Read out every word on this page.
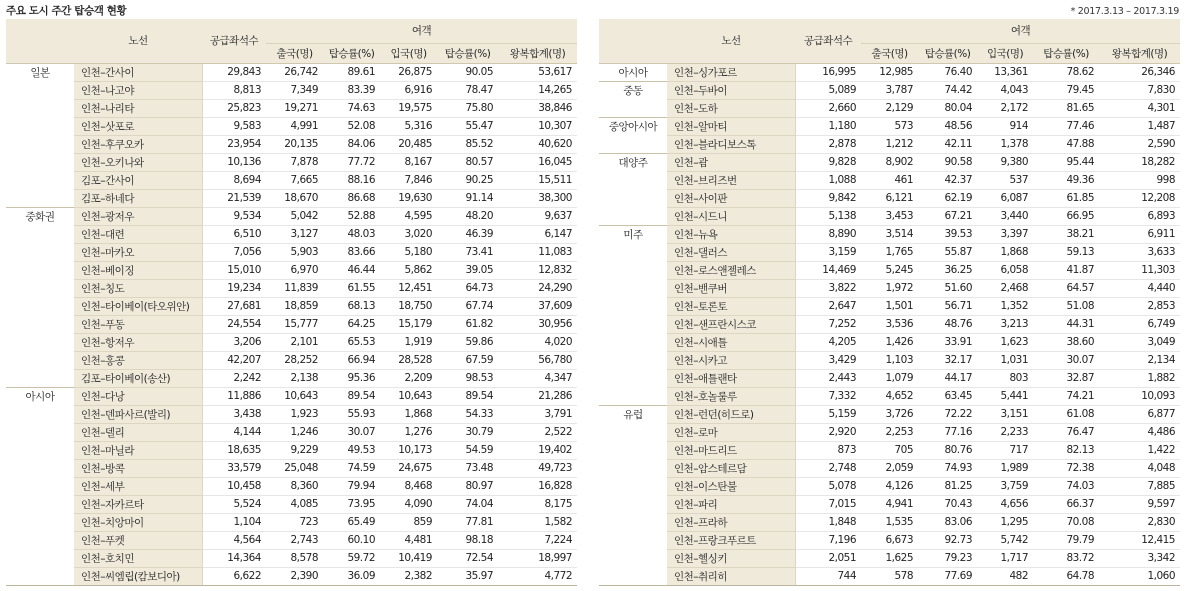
주요 도시 주간 탑승객 현황	* 2017.3.13 – 2017.3.19
	노선	공급좌석수	여객				
			출국(명)	탑승률(%)	입국(명)	탑승률(%)	왕복합계(명)
일본	인천–간사이	29,843	26,742	89.61	26,875	90.05	53,617
	인천–나고야	8,813	7,349	83.39	6,916	78.47	14,265
	인천–나리타	25,823	19,271	74.63	19,575	75.80	38,846
	인천–삿포로	9,583	4,991	52.08	5,316	55.47	10,307
	인천–후쿠오카	23,954	20,135	84.06	20,485	85.52	40,620
	인천–오키나와	10,136	7,878	77.72	8,167	80.57	16,045
	김포–간사이	8,694	7,665	88.16	7,846	90.25	15,511
	김포–하네다	21,539	18,670	86.68	19,630	91.14	38,300
중화권	인천–광저우	9,534	5,042	52.88	4,595	48.20	9,637
	인천–대련	6,510	3,127	48.03	3,020	46.39	6,147
	인천–마카오	7,056	5,903	83.66	5,180	73.41	11,083
	인천–베이징	15,010	6,970	46.44	5,862	39.05	12,832
	인천–칭도	19,234	11,839	61.55	12,451	64.73	24,290
	인천–타이베이(타오위안)	27,681	18,859	68.13	18,750	67.74	37,609
	인천–푸동	24,554	15,777	64.25	15,179	61.82	30,956
	인천–항저우	3,206	2,101	65.53	1,919	59.86	4,020
	인천–홍콩	42,207	28,252	66.94	28,528	67.59	56,780
	김포–타이베이(송산)	2,242	2,138	95.36	2,209	98.53	4,347
아시아	인천–다낭	11,886	10,643	89.54	10,643	89.54	21,286
	인천–덴파사르(발리)	3,438	1,923	55.93	1,868	54.33	3,791
	인천–델리	4,144	1,246	30.07	1,276	30.79	2,522
	인천–마닐라	18,635	9,229	49.53	10,173	54.59	19,402
	인천–방콕	33,579	25,048	74.59	24,675	73.48	49,723
	인천–세부	10,458	8,360	79.94	8,468	80.97	16,828
	인천–자카르타	5,524	4,085	73.95	4,090	74.04	8,175
	인천–치앙마이	1,104	723	65.49	859	77.81	1,582
	인천–푸켓	4,564	2,743	60.10	4,481	98.18	7,224
	인천–호치민	14,364	8,578	59.72	10,419	72.54	18,997
	인천–씨엠립(캄보디아)	6,622	2,390	36.09	2,382	35.97	4,772
	노선	공급좌석수	여객				
			출국(명)	탑승률(%)	입국(명)	탑승률(%)	왕복합계(명)
아시아	인천–싱가포르	16,995	12,985	76.40	13,361	78.62	26,346
중동	인천–두바이	5,089	3,787	74.42	4,043	79.45	7,830
	인천–도하	2,660	2,129	80.04	2,172	81.65	4,301
중앙아시아	인천–알마티	1,180	573	48.56	914	77.46	1,487
	인천–블라디보스톡	2,878	1,212	42.11	1,378	47.88	2,590
대양주	인천–괌	9,828	8,902	90.58	9,380	95.44	18,282
	인천–브리즈번	1,088	461	42.37	537	49.36	998
	인천–사이판	9,842	6,121	62.19	6,087	61.85	12,208
	인천–시드니	5,138	3,453	67.21	3,440	66.95	6,893
미주	인천–뉴욕	8,890	3,514	39.53	3,397	38.21	6,911
	인천–댈러스	3,159	1,765	55.87	1,868	59.13	3,633
	인천–로스앤젤레스	14,469	5,245	36.25	6,058	41.87	11,303
	인천–밴쿠버	3,822	1,972	51.60	2,468	64.57	4,440
	인천–토론토	2,647	1,501	56.71	1,352	51.08	2,853
	인천–샌프란시스코	7,252	3,536	48.76	3,213	44.31	6,749
	인천–시애틀	4,205	1,426	33.91	1,623	38.60	3,049
	인천–시카고	3,429	1,103	32.17	1,031	30.07	2,134
	인천–애틀랜타	2,443	1,079	44.17	803	32.87	1,882
	인천–호놀룰루	7,332	4,652	63.45	5,441	74.21	10,093
유럽	인천–런던(히드로)	5,159	3,726	72.22	3,151	61.08	6,877
	인천–로마	2,920	2,253	77.16	2,233	76.47	4,486
	인천–마드리드	873	705	80.76	717	82.13	1,422
	인천–암스테르담	2,748	2,059	74.93	1,989	72.38	4,048
	인천–이스탄불	5,078	4,126	81.25	3,759	74.03	7,885
	인천–파리	7,015	4,941	70.43	4,656	66.37	9,597
	인천–프라하	1,848	1,535	83.06	1,295	70.08	2,830
	인천–프랑크푸르트	7,196	6,673	92.73	5,742	79.79	12,415
	인천–헬싱키	2,051	1,625	79.23	1,717	83.72	3,342
	인천–취리히	744	578	77.69	482	64.78	1,060
